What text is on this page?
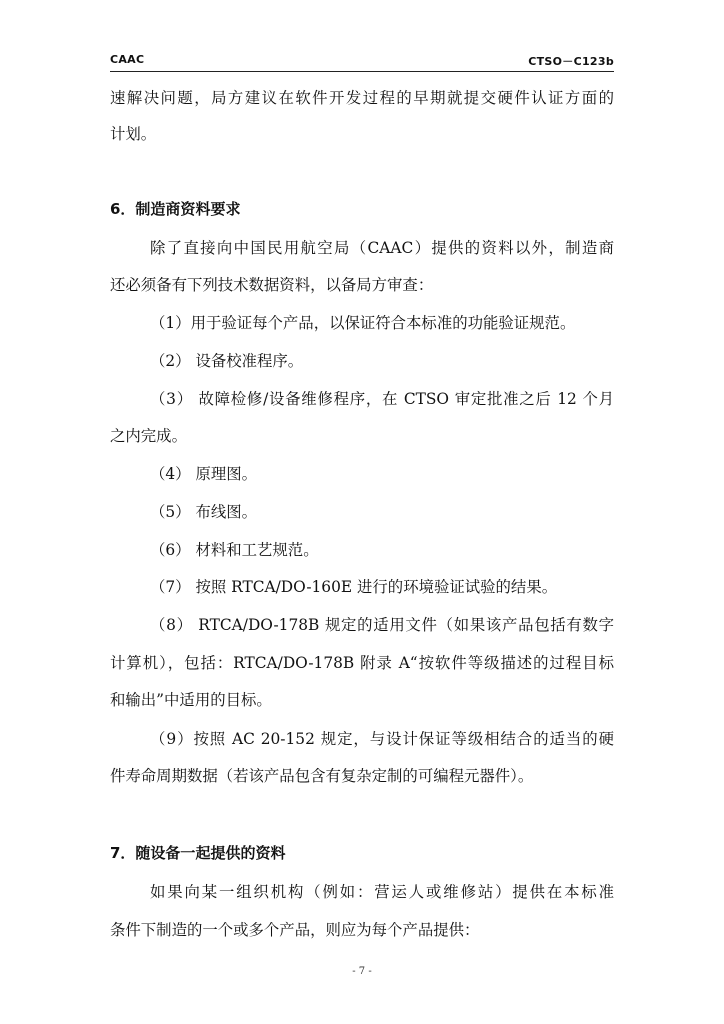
CAAC	CTSO－C123b
速解决问题，局方建议在软件开发过程的早期就提交硬件认证方面的
计划。
6．制造商资料要求
除了直接向中国民用航空局（CAAC）提供的资料以外，制造商
还必须备有下列技术数据资料，以备局方审查：
（1）用于验证每个产品，以保证符合本标准的功能验证规范。
（2） 设备校准程序。
（3） 故障检修/设备维修程序，在 CTSO 审定批准之后 12 个月
之内完成。
（4） 原理图。
（5） 布线图。
（6） 材料和工艺规范。
（7） 按照 RTCA/DO-160E 进行的环境验证试验的结果。
（8） RTCA/DO-178B 规定的适用文件（如果该产品包括有数字
计算机），包括：RTCA/DO-178B 附录 A“按软件等级描述的过程目标
和输出”中适用的目标。
（9）按照 AC 20-152 规定，与设计保证等级相结合的适当的硬
件寿命周期数据（若该产品包含有复杂定制的可编程元器件）。
7．随设备一起提供的资料
如果向某一组织机构（例如：营运人或维修站）提供在本标准
条件下制造的一个或多个产品，则应为每个产品提供：
- 7 -
